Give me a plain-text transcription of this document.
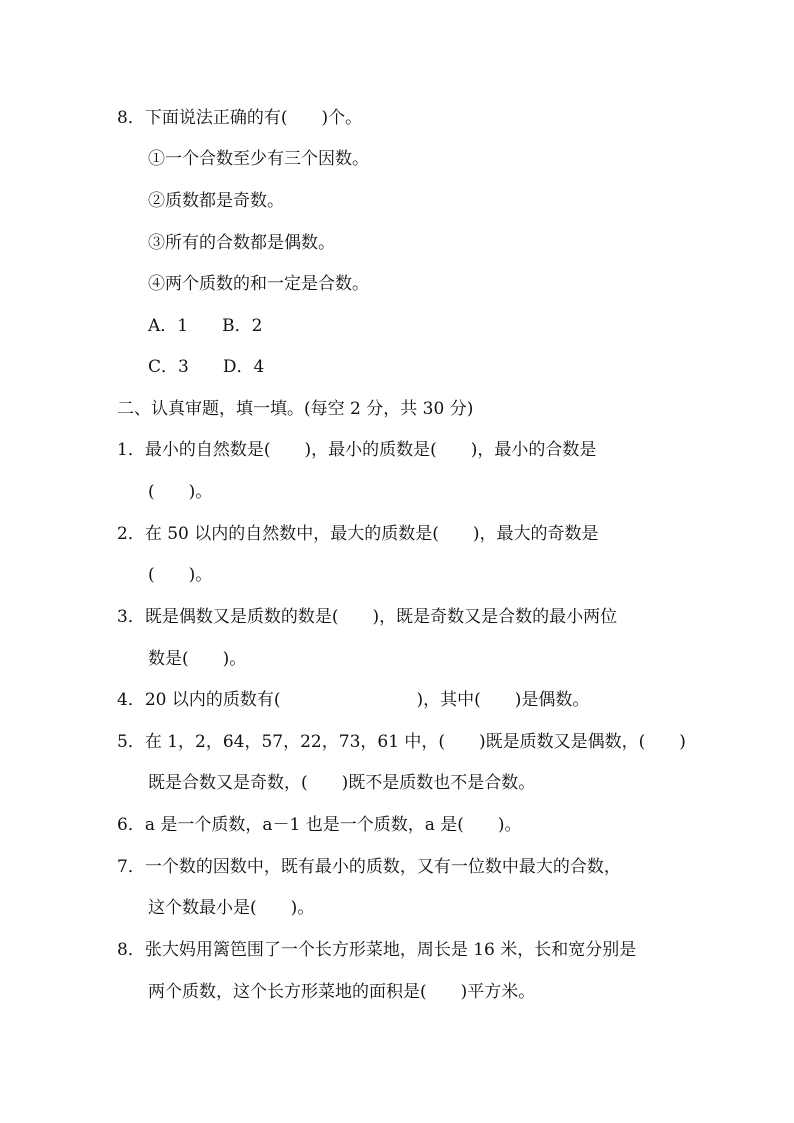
8．下面说法正确的有(　　)个。
①一个合数至少有三个因数。
②质数都是奇数。
③所有的合数都是偶数。
④两个质数的和一定是合数。
A．1　　B．2
C．3　　D．4
二、认真审题，填一填。(每空 2 分，共 30 分)
1．最小的自然数是(　　)，最小的质数是(　　)，最小的合数是
(　　)。
2．在 50 以内的自然数中，最大的质数是(　　)，最大的奇数是
(　　)。
3．既是偶数又是质数的数是(　　)，既是奇数又是合数的最小两位
数是(　　)。
4．20 以内的质数有(　　　　　　　　)，其中(　　)是偶数。
5．在 1，2，64，57，22，73，61 中，(　　)既是质数又是偶数，(　　)
既是合数又是奇数，(　　)既不是质数也不是合数。
6．a 是一个质数，a－1 也是一个质数，a 是(　　)。
7．一个数的因数中，既有最小的质数，又有一位数中最大的合数，
这个数最小是(　　)。
8．张大妈用篱笆围了一个长方形菜地，周长是 16 米，长和宽分别是
两个质数，这个长方形菜地的面积是(　　)平方米。
